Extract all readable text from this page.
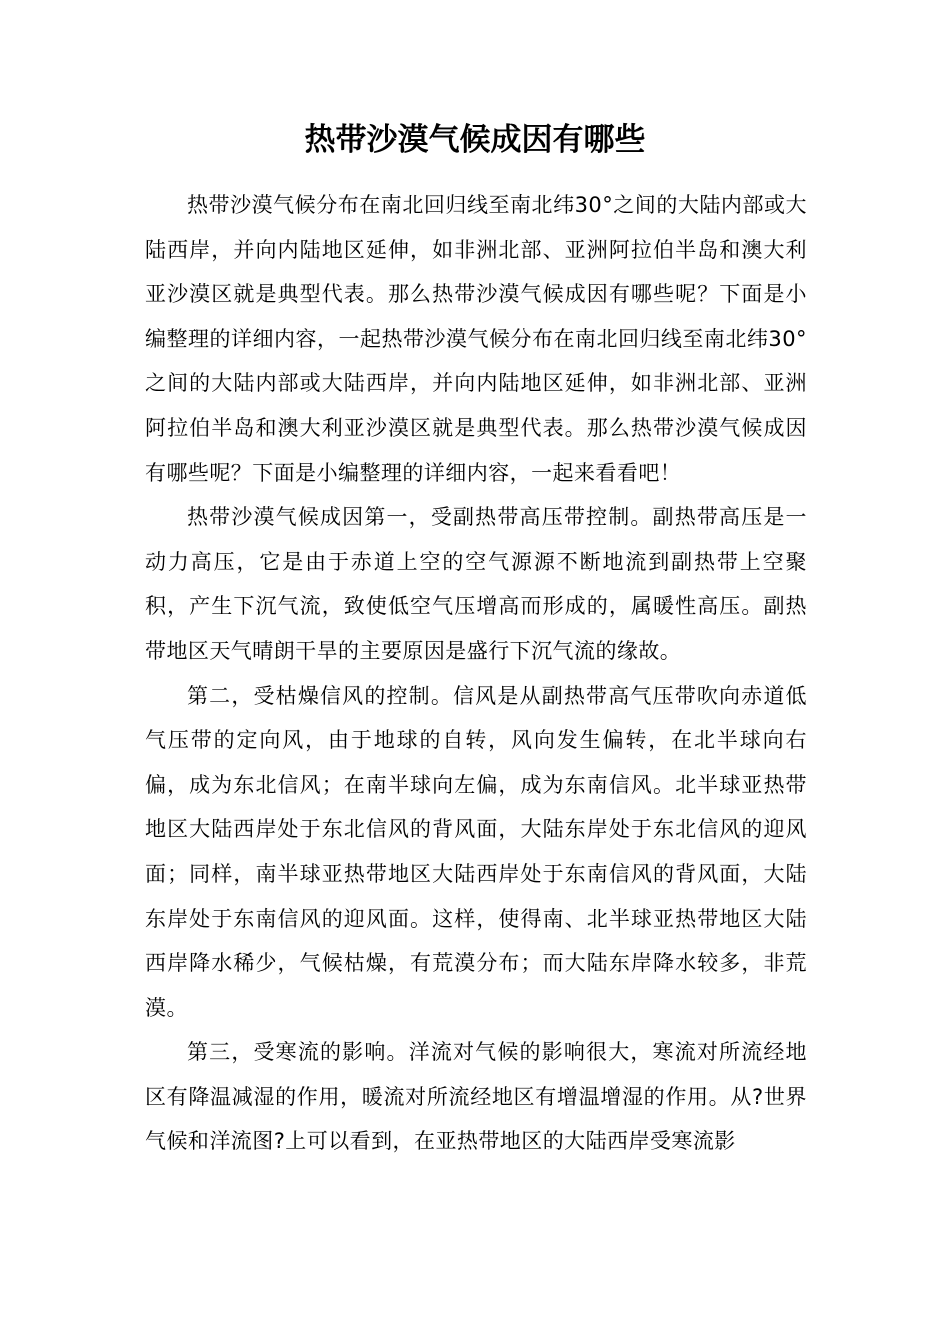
热带沙漠气候成因有哪些

热带沙漠气候分布在南北回归线至南北纬30°之间的大陆内部或大陆西岸，并向内陆地区延伸，如非洲北部、亚洲阿拉伯半岛和澳大利亚沙漠区就是典型代表。那么热带沙漠气候成因有哪些呢？下面是小编整理的详细内容，一起热带沙漠气候分布在南北回归线至南北纬30°之间的大陆内部或大陆西岸，并向内陆地区延伸，如非洲北部、亚洲阿拉伯半岛和澳大利亚沙漠区就是典型代表。那么热带沙漠气候成因有哪些呢？下面是小编整理的详细内容，一起来看看吧！

热带沙漠气候成因第一，受副热带高压带控制。副热带高压是一动力高压，它是由于赤道上空的空气源源不断地流到副热带上空聚积，产生下沉气流，致使低空气压增高而形成的，属暖性高压。副热带地区天气晴朗干旱的主要原因是盛行下沉气流的缘故。

第二，受枯燥信风的控制。信风是从副热带高气压带吹向赤道低气压带的定向风，由于地球的自转，风向发生偏转，在北半球向右偏，成为东北信风；在南半球向左偏，成为东南信风。北半球亚热带地区大陆西岸处于东北信风的背风面，大陆东岸处于东北信风的迎风面；同样，南半球亚热带地区大陆西岸处于东南信风的背风面，大陆东岸处于东南信风的迎风面。这样，使得南、北半球亚热带地区大陆西岸降水稀少，气候枯燥，有荒漠分布；而大陆东岸降水较多，非荒漠。

第三，受寒流的影响。洋流对气候的影响很大，寒流对所流经地区有降温减湿的作用，暖流对所流经地区有增温增湿的作用。从?世界气候和洋流图?上可以看到，在亚热带地区的大陆西岸受寒流影
